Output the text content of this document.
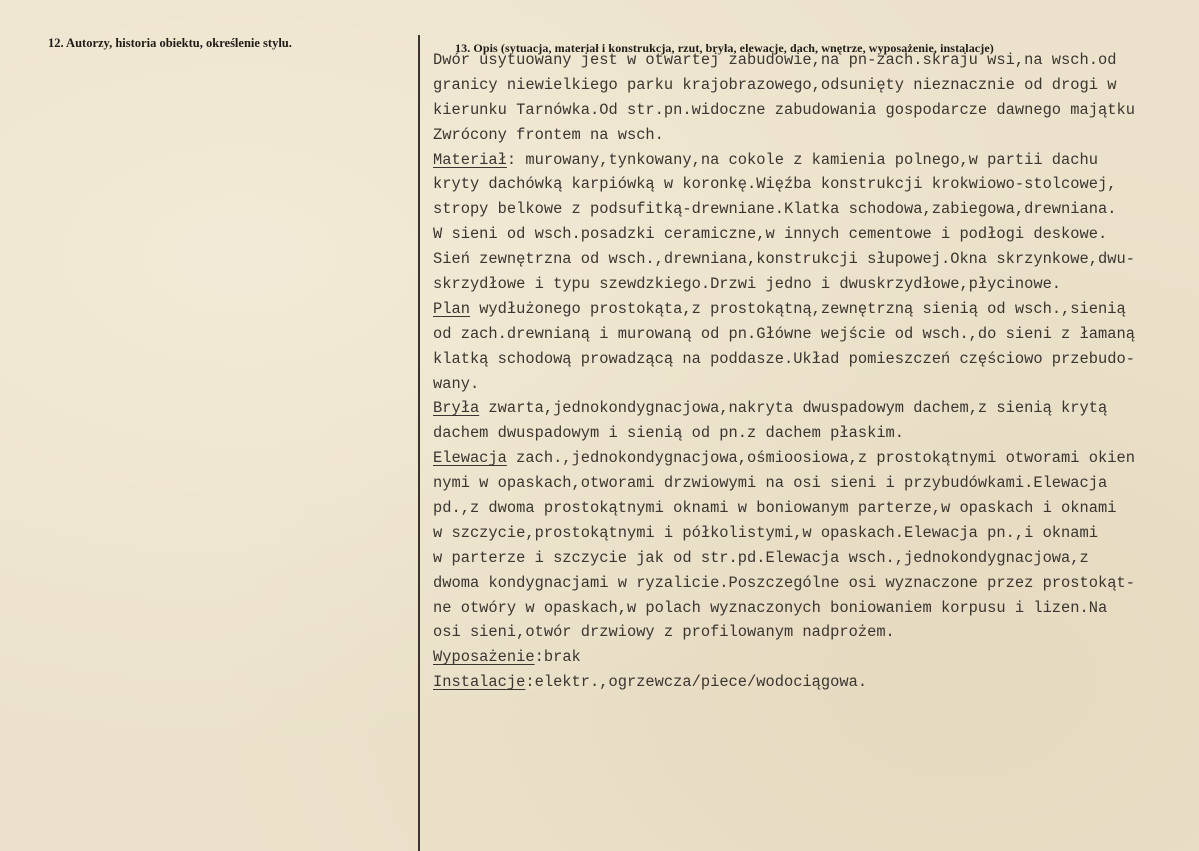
12. Autorzy, historia obiektu, określenie stylu.	13. Opis (sytuacja, materiał i konstrukcja, rzut, bryła, elewacje, dach, wnętrze, wyposażenie, instalacje)
Dwór usytuowany jest w otwartej zabudowie,na pn-zach.skraju wsi,na wsch.od
granicy niewielkiego parku krajobrazowego,odsunięty nieznacznie od drogi w
kierunku Tarnówka.Od str.pn.widoczne zabudowania gospodarcze dawnego majątku
Zwrócony frontem na wsch.
Materiał: murowany,tynkowany,na cokole z kamienia polnego,w partii dachu
kryty dachówką karpiówką w koronkę.Więźba konstrukcji krokwiowo-stolcowej,
stropy belkowe z podsufitką-drewniane.Klatka schodowa,zabiegowa,drewniana.
W sieni od wsch.posadzki ceramiczne,w innych cementowe i podłogi deskowe.
Sień zewnętrzna od wsch.,drewniana,konstrukcji słupowej.Okna skrzynkowe,dwu-
skrzydłowe i typu szewdzkiego.Drzwi jedno i dwuskrzydłowe,płycinowe.
Plan wydłużonego prostokąta,z prostokątną,zewnętrzną sienią od wsch.,sienią
od zach.drewnianą i murowaną od pn.Główne wejście od wsch.,do sieni z łamaną
klatką schodową prowadzącą na poddasze.Układ pomieszczeń częściowo przebudo-
wany.
Bryła zwarta,jednokondygnacjowa,nakryta dwuspadowym dachem,z sienią krytą
dachem dwuspadowym i sienią od pn.z dachem płaskim.
Elewacja zach.,jednokondygnacjowa,ośmioosiowa,z prostokątnymi otworami okien
nymi w opaskach,otworami drzwiowymi na osi sieni i przybudówkami.Elewacja
pd.,z dwoma prostokątnymi oknami w boniowanym parterze,w opaskach i oknami
w szczycie,prostokątnymi i półkolistymi,w opaskach.Elewacja pn.,i oknami
w parterze i szczycie jak od str.pd.Elewacja wsch.,jednokondygnacjowa,z
dwoma kondygnacjami w ryzalicie.Poszczególne osi wyznaczone przez prostokąt-
ne otwóry w opaskach,w polach wyznaczonych boniowaniem korpusu i lizen.Na
osi sieni,otwór drzwiowy z profilowanym nadprożem.
Wyposażenie:brak
Instalacje:elektr.,ogrzewcza/piece/wodociągowa.
